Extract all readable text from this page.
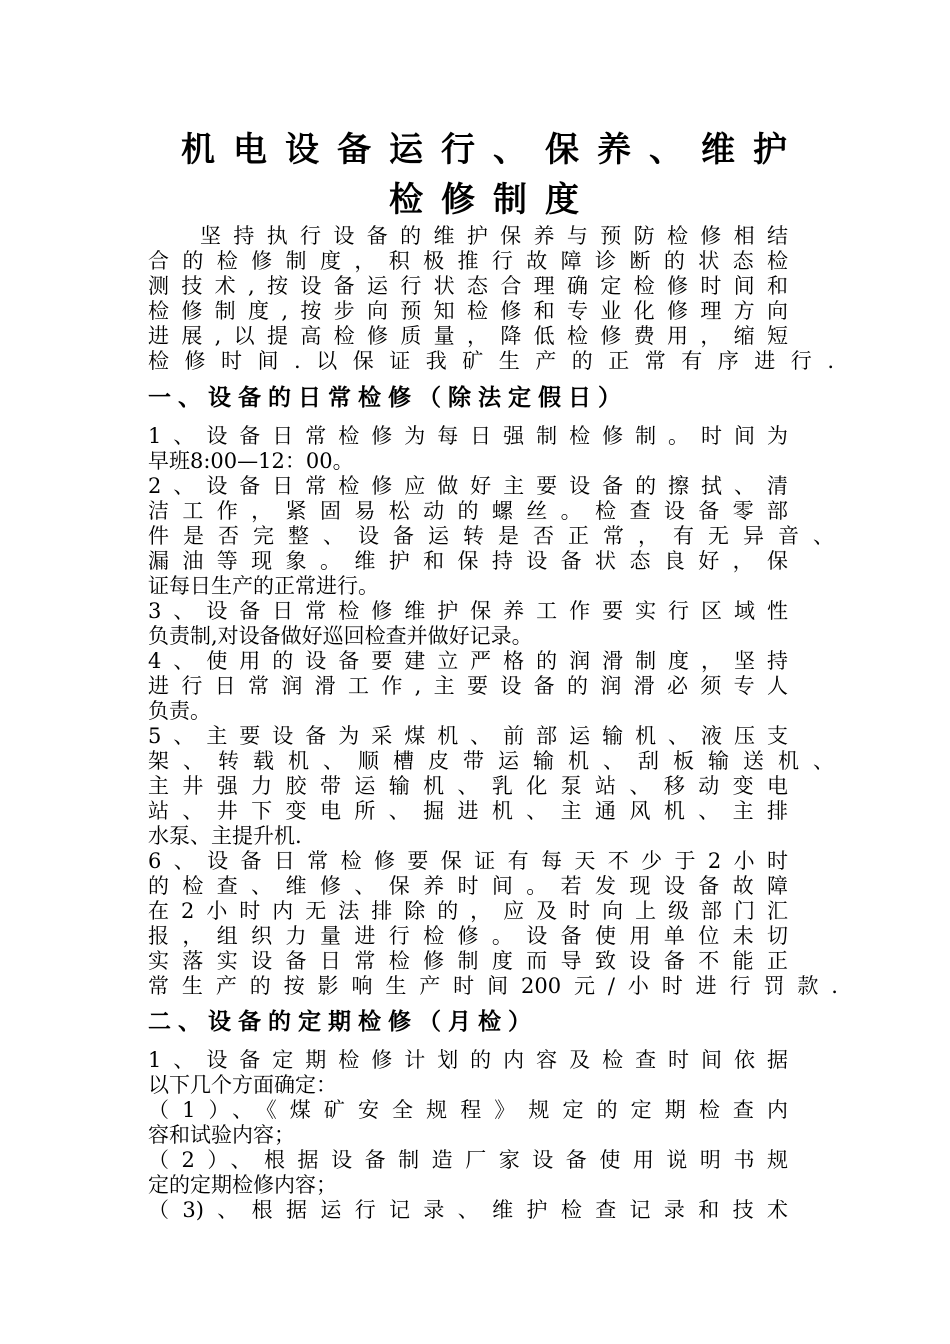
机电设备运行、保养、维护
检修制度
坚持执行设备的维护保养与预防检修相结
合的检修制度，积极推行故障诊断的状态检
测技术,按设备运行状态合理确定检修时间和
检修制度,按步向预知检修和专业化修理方向
进展,以提高检修质量，降低检修费用，缩短
检修时间.以保证我矿生产的正常有序进行.
一、设备的日常检修（除法定假日）
1、设备日常检修为每日强制检修制。时间为
早班8:00—12：00。
2、设备日常检修应做好主要设备的擦拭、清
洁工作，紧固易松动的螺丝。检查设备零部
件是否完整、设备运转是否正常，有无异音、
漏油等现象。维护和保持设备状态良好，保
证每日生产的正常进行。
3、设备日常检修维护保养工作要实行区域性
负责制,对设备做好巡回检查并做好记录。
4、使用的设备要建立严格的润滑制度，坚持
进行日常润滑工作,主要设备的润滑必须专人
负责。
5、主要设备为采煤机、前部运输机、液压支
架、转载机、顺槽皮带运输机、刮板输送机、
主井强力胶带运输机、乳化泵站、移动变电
站、井下变电所、掘进机、主通风机、主排
水泵、主提升机.
6、设备日常检修要保证有每天不少于2小时
的检查、维修、保养时间。若发现设备故障
在2小时内无法排除的，应及时向上级部门汇
报，组织力量进行检修。设备使用单位未切
实落实设备日常检修制度而导致设备不能正
常生产的按影响生产时间200元/小时进行罚款.
二、设备的定期检修（月检）
1、设备定期检修计划的内容及检查时间依据
以下几个方面确定：
（1）、《煤矿安全规程》规定的定期检查内
容和试验内容；
（2）、根据设备制造厂家设备使用说明书规
定的定期检修内容；
（3)、根据运行记录、维护检查记录和技术
